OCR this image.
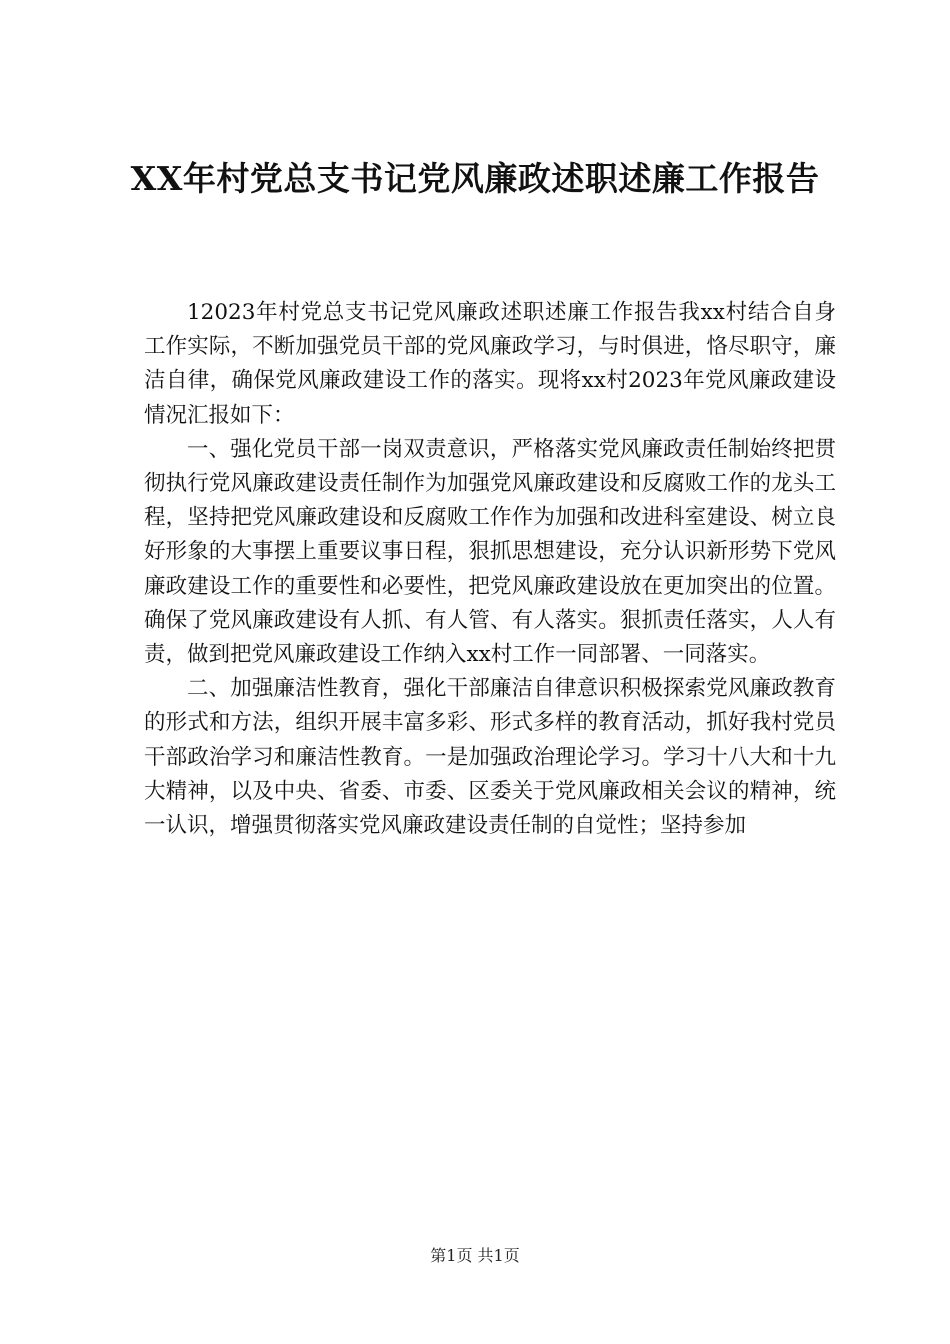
XX年村党总支书记党风廉政述职述廉工作报告

12023年村党总支书记党风廉政述职述廉工作报告我xx村结合自身工作实际，不断加强党员干部的党风廉政学习，与时俱进，恪尽职守，廉洁自律，确保党风廉政建设工作的落实。现将xx村2023年党风廉政建设情况汇报如下：

一、强化党员干部一岗双责意识，严格落实党风廉政责任制始终把贯彻执行党风廉政建设责任制作为加强党风廉政建设和反腐败工作的龙头工程，坚持把党风廉政建设和反腐败工作作为加强和改进科室建设、树立良好形象的大事摆上重要议事日程，狠抓思想建设，充分认识新形势下党风廉政建设工作的重要性和必要性，把党风廉政建设放在更加突出的位置。确保了党风廉政建设有人抓、有人管、有人落实。狠抓责任落实，人人有责，做到把党风廉政建设工作纳入xx村工作一同部署、一同落实。

二、加强廉洁性教育，强化干部廉洁自律意识积极探索党风廉政教育的形式和方法，组织开展丰富多彩、形式多样的教育活动，抓好我村党员干部政治学习和廉洁性教育。一是加强政治理论学习。学习十八大和十九大精神，以及中央、省委、市委、区委关于党风廉政相关会议的精神，统一认识，增强贯彻落实党风廉政建设责任制的自觉性；坚持参加

第1页 共1页
